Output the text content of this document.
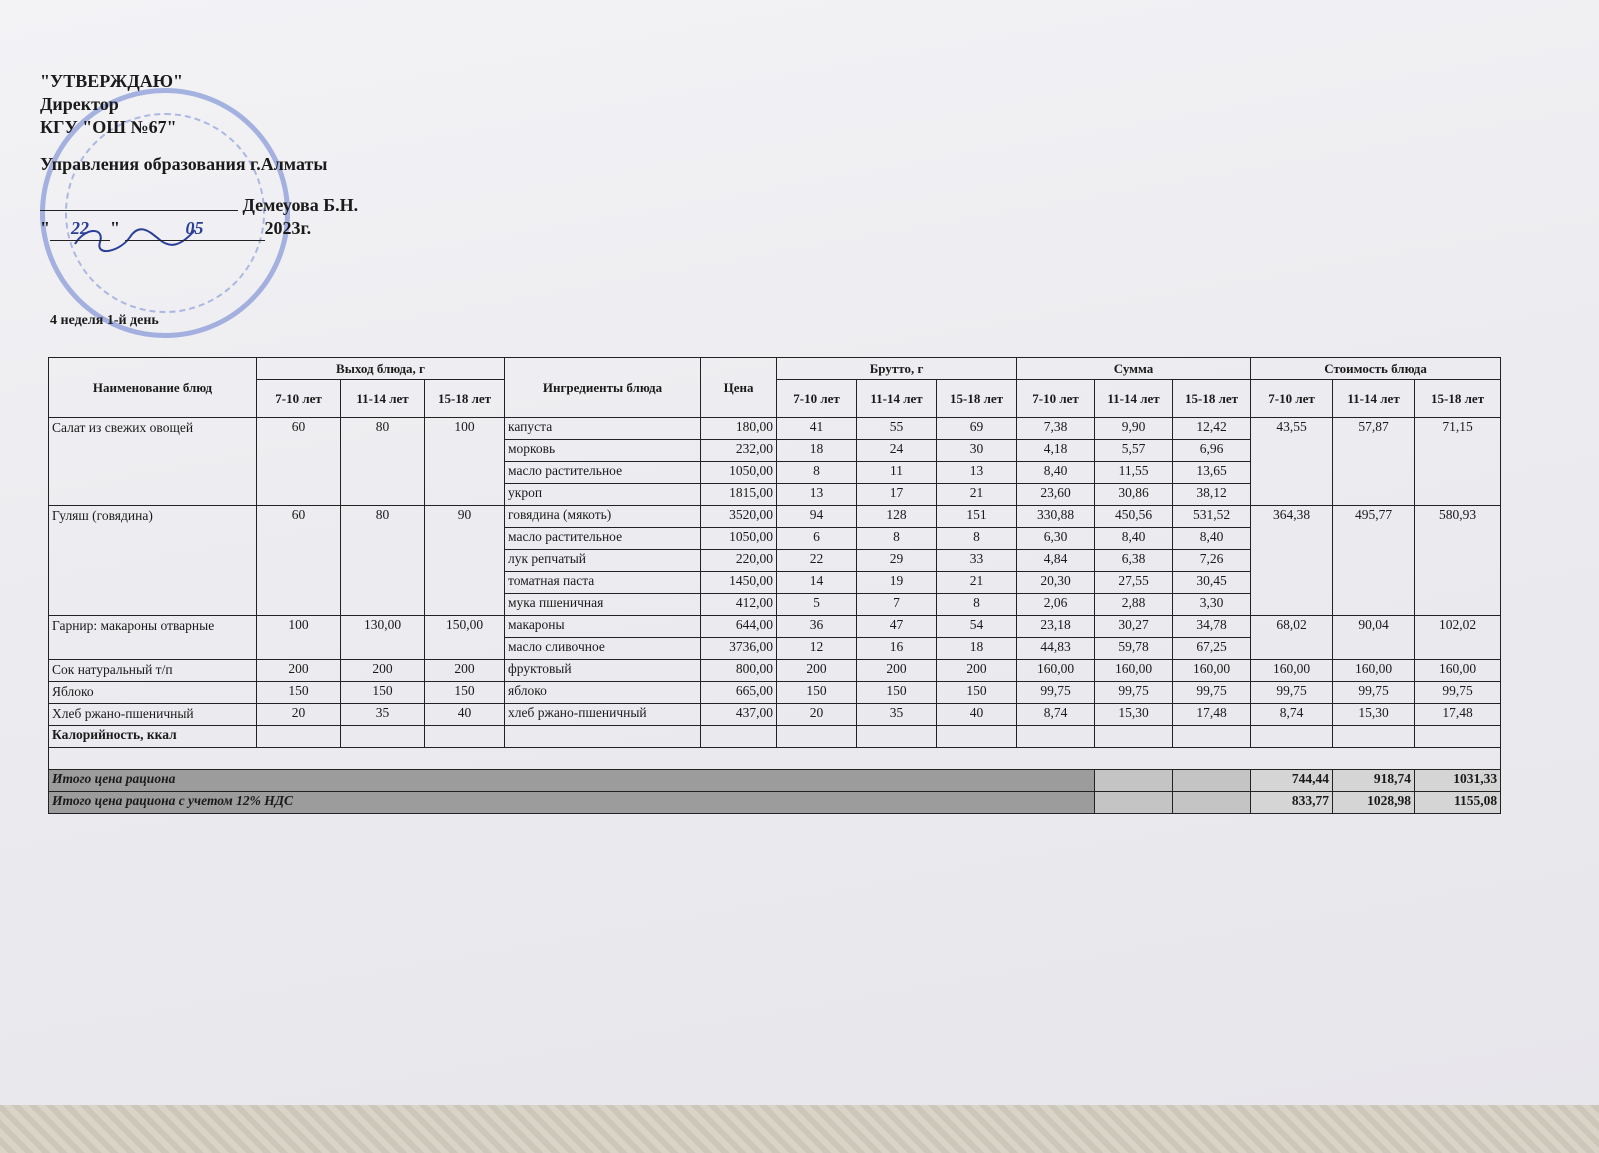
"УТВЕРЖДАЮ"
Директор
КГУ "ОШ №67"
Управления образования г.Алматы
Демеуова Б.Н.
" 22 "	05	2023г.
4 неделя 1-й день
Наименование блюд	Выход блюда, г			Ингредиенты блюда	Цена	Брутто, г			Сумма			Стоимость блюда		
	7-10 лет	11-14 лет	15-18 лет			7-10 лет	11-14 лет	15-18 лет	7-10 лет	11-14 лет	15-18 лет	7-10 лет	11-14 лет	15-18 лет
Салат из свежих овощей	60	80	100	капуста	180,00	41	55	69	7,38	9,90	12,42	43,55	57,87	71,15
				морковь	232,00	18	24	30	4,18	5,57	6,96			
				масло растительное	1050,00	8	11	13	8,40	11,55	13,65			
				укроп	1815,00	13	17	21	23,60	30,86	38,12			
Гуляш (говядина)	60	80	90	говядина (мякоть)	3520,00	94	128	151	330,88	450,56	531,52	364,38	495,77	580,93
				масло растительное	1050,00	6	8	8	6,30	8,40	8,40			
				лук репчатый	220,00	22	29	33	4,84	6,38	7,26			
				томатная паста	1450,00	14	19	21	20,30	27,55	30,45			
				мука пшеничная	412,00	5	7	8	2,06	2,88	3,30			
Гарнир: макароны отварные	100	130,00	150,00	макароны	644,00	36	47	54	23,18	30,27	34,78	68,02	90,04	102,02
				масло сливочное	3736,00	12	16	18	44,83	59,78	67,25			
Сок натуральный т/п	200	200	200	фруктовый	800,00	200	200	200	160,00	160,00	160,00	160,00	160,00	160,00
Яблоко	150	150	150	яблоко	665,00	150	150	150	99,75	99,75	99,75	99,75	99,75	99,75
Хлеб ржано-пшеничный	20	35	40	хлеб ржано-пшеничный	437,00	20	35	40	8,74	15,30	17,48	8,74	15,30	17,48
Калорийность, ккал														

Итого цена рациона												744,44	918,74	1031,33
Итого цена рациона с учетом 12% НДС												833,77	1028,98	1155,08
